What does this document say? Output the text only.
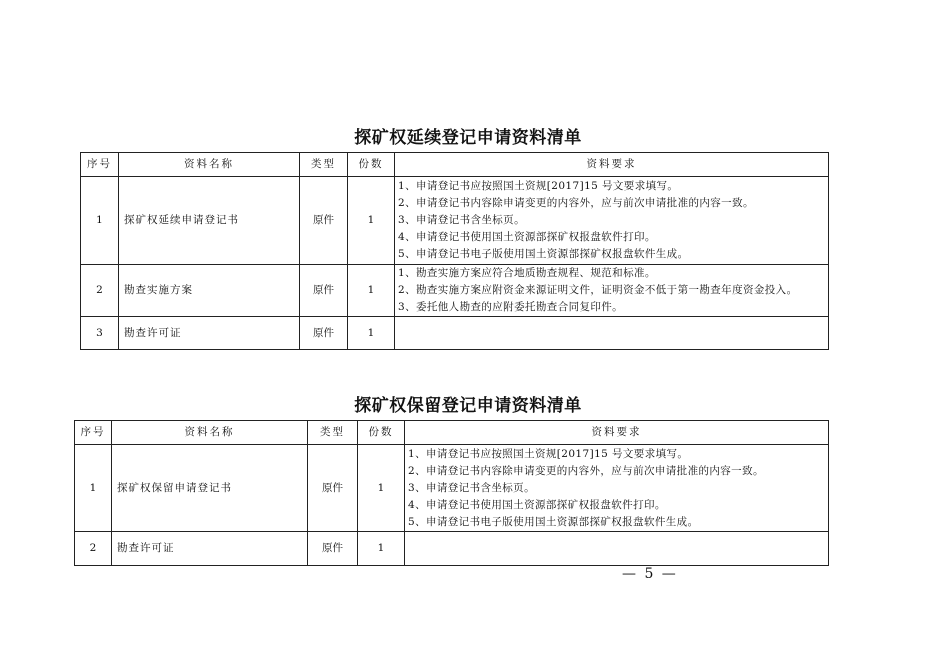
探矿权延续登记申请资料清单
序号	资料名称	类型	份数	资料要求
1	探矿权延续申请登记书	原件	1	1、申请登记书应按照国土资规[2017]15 号文要求填写。
2、申请登记书内容除申请变更的内容外，应与前次申请批准的内容一致。
3、申请登记书含坐标页。
4、申请登记书使用国土资源部探矿权报盘软件打印。
5、申请登记书电子版使用国土资源部探矿权报盘软件生成。

2	勘查实施方案	原件	1	1、勘查实施方案应符合地质勘查规程、规范和标准。
2、勘查实施方案应附资金来源证明文件，证明资金不低于第一勘查年度资金投入。
3、委托他人勘查的应附委托勘查合同复印件。

3	勘查许可证	原件	1	
探矿权保留登记申请资料清单
序号	资料名称	类型	份数	资料要求
1	探矿权保留申请登记书	原件	1	1、申请登记书应按照国土资规[2017]15 号文要求填写。
2、申请登记书内容除申请变更的内容外，应与前次申请批准的内容一致。
3、申请登记书含坐标页。
4、申请登记书使用国土资源部探矿权报盘软件打印。
5、申请登记书电子版使用国土资源部探矿权报盘软件生成。

2	勘查许可证	原件	1	
— 5 —
